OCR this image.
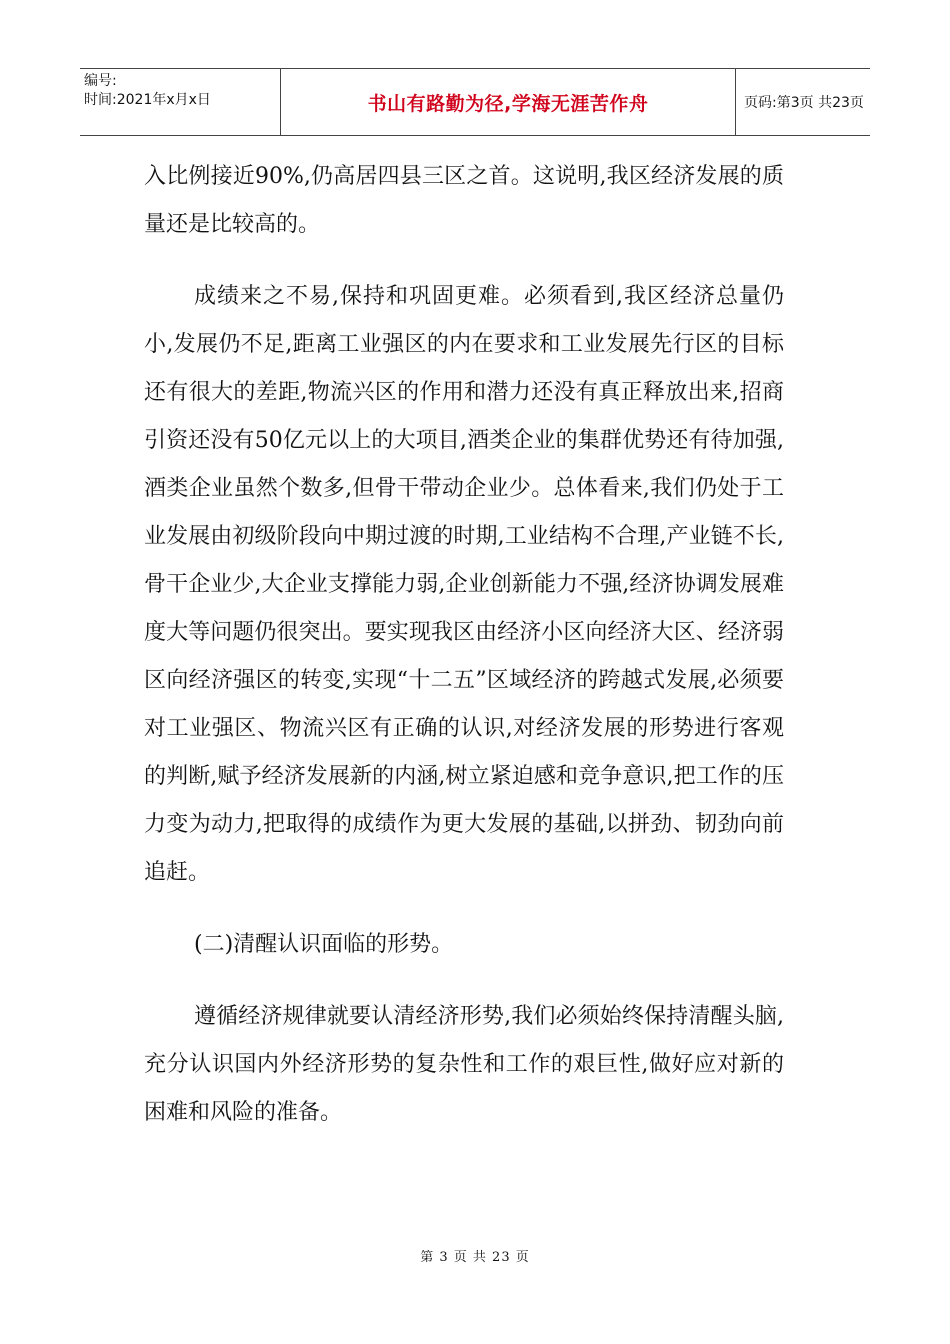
编号:
时间:2021年x月x日	书山有路勤为径,学海无涯苦作舟	页码:第3页 共23页

入比例接近90%,仍高居四县三区之首。这说明,我区经济发展的质量还是比较高的。

成绩来之不易,保持和巩固更难。必须看到,我区经济总量仍小,发展仍不足,距离工业强区的内在要求和工业发展先行区的目标还有很大的差距,物流兴区的作用和潜力还没有真正释放出来,招商引资还没有50亿元以上的大项目,酒类企业的集群优势还有待加强,酒类企业虽然个数多,但骨干带动企业少。总体看来,我们仍处于工业发展由初级阶段向中期过渡的时期,工业结构不合理,产业链不长,骨干企业少,大企业支撑能力弱,企业创新能力不强,经济协调发展难度大等问题仍很突出。要实现我区由经济小区向经济大区、经济弱区向经济强区的转变,实现“十二五”区域经济的跨越式发展,必须要对工业强区、物流兴区有正确的认识,对经济发展的形势进行客观的判断,赋予经济发展新的内涵,树立紧迫感和竞争意识,把工作的压力变为动力,把取得的成绩作为更大发展的基础,以拼劲、韧劲向前追赶。

(二)清醒认识面临的形势。

遵循经济规律就要认清经济形势,我们必须始终保持清醒头脑,充分认识国内外经济形势的复杂性和工作的艰巨性,做好应对新的困难和风险的准备。

第 3 页 共 23 页
